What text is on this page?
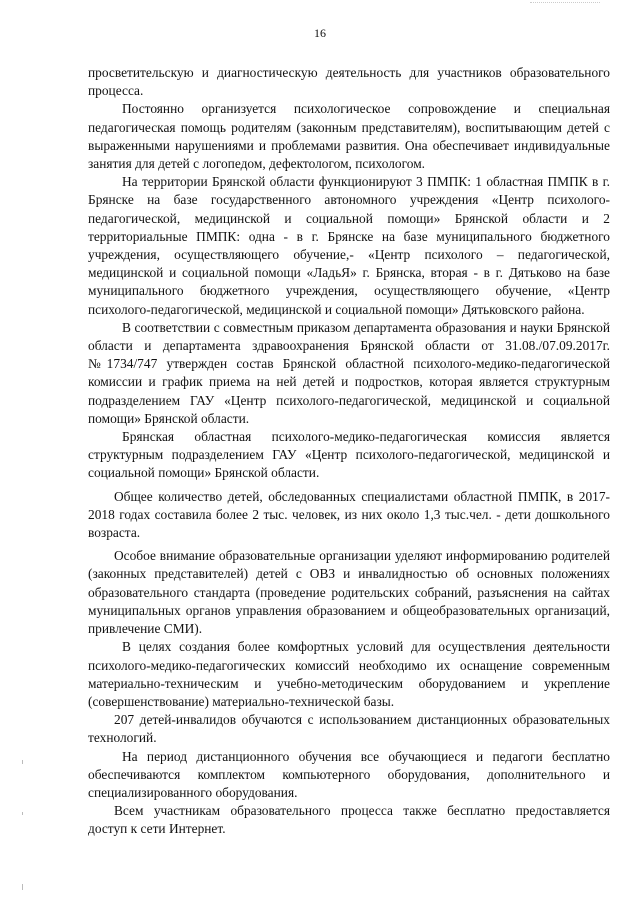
16

просветительскую и диагностическую деятельность для участников образовательного процесса.

Постоянно организуется психологическое сопровождение и специальная педагогическая помощь родителям (законным представителям), воспитывающим детей с выраженными нарушениями и проблемами развития. Она обеспечивает индивидуальные занятия для детей с логопедом, дефектологом, психологом.

На территории Брянской области функционируют 3 ПМПК: 1 областная ПМПК в г. Брянске на базе государственного автономного учреждения «Центр психолого-педагогической, медицинской и социальной помощи» Брянской области и 2 территориальные ПМПК: одна - в г. Брянске на базе муниципального бюджетного учреждения, осуществляющего обучение,- «Центр психолого – педагогической, медицинской и социальной помощи «ЛадьЯ» г. Брянска, вторая - в г. Дятьково на базе муниципального бюджетного учреждения, осуществляющего обучение, «Центр психолого-педагогической, медицинской и социальной помощи» Дятьковского района.

В соответствии с совместным приказом департамента образования и науки Брянской области и департамента здравоохранения Брянской области от 31.08./07.09.2017г. №1734/747 утвержден состав Брянской областной психолого-медико-педагогической комиссии и график приема на ней детей и подростков, которая является структурным подразделением ГАУ «Центр психолого-педагогической, медицинской и социальной помощи» Брянской области.

Брянская областная психолого-медико-педагогическая комиссия является структурным подразделением ГАУ «Центр психолого-педагогической, медицинской и социальной помощи» Брянской области.

Общее количество детей, обследованных специалистами областной ПМПК, в 2017-2018 годах составила более 2 тыс. человек, из них около 1,3 тыс.чел. - дети дошкольного возраста.

Особое внимание образовательные организации уделяют информированию родителей (законных представителей) детей с ОВЗ и инвалидностью об основных положениях образовательного стандарта (проведение родительских собраний, разъяснения на сайтах муниципальных органов управления образованием и общеобразовательных организаций, привлечение СМИ).

В целях создания более комфортных условий для осуществления деятельности психолого-медико-педагогических комиссий необходимо их оснащение современным материально-техническим и учебно-методическим оборудованием и укрепление (совершенствование) материально-технической базы.

207 детей-инвалидов обучаются с использованием дистанционных образовательных технологий.

На период дистанционного обучения все обучающиеся и педагоги бесплатно обеспечиваются комплектом компьютерного оборудования, дополнительного и специализированного оборудования.

Всем участникам образовательного процесса также бесплатно предоставляется доступ к сети Интернет.
